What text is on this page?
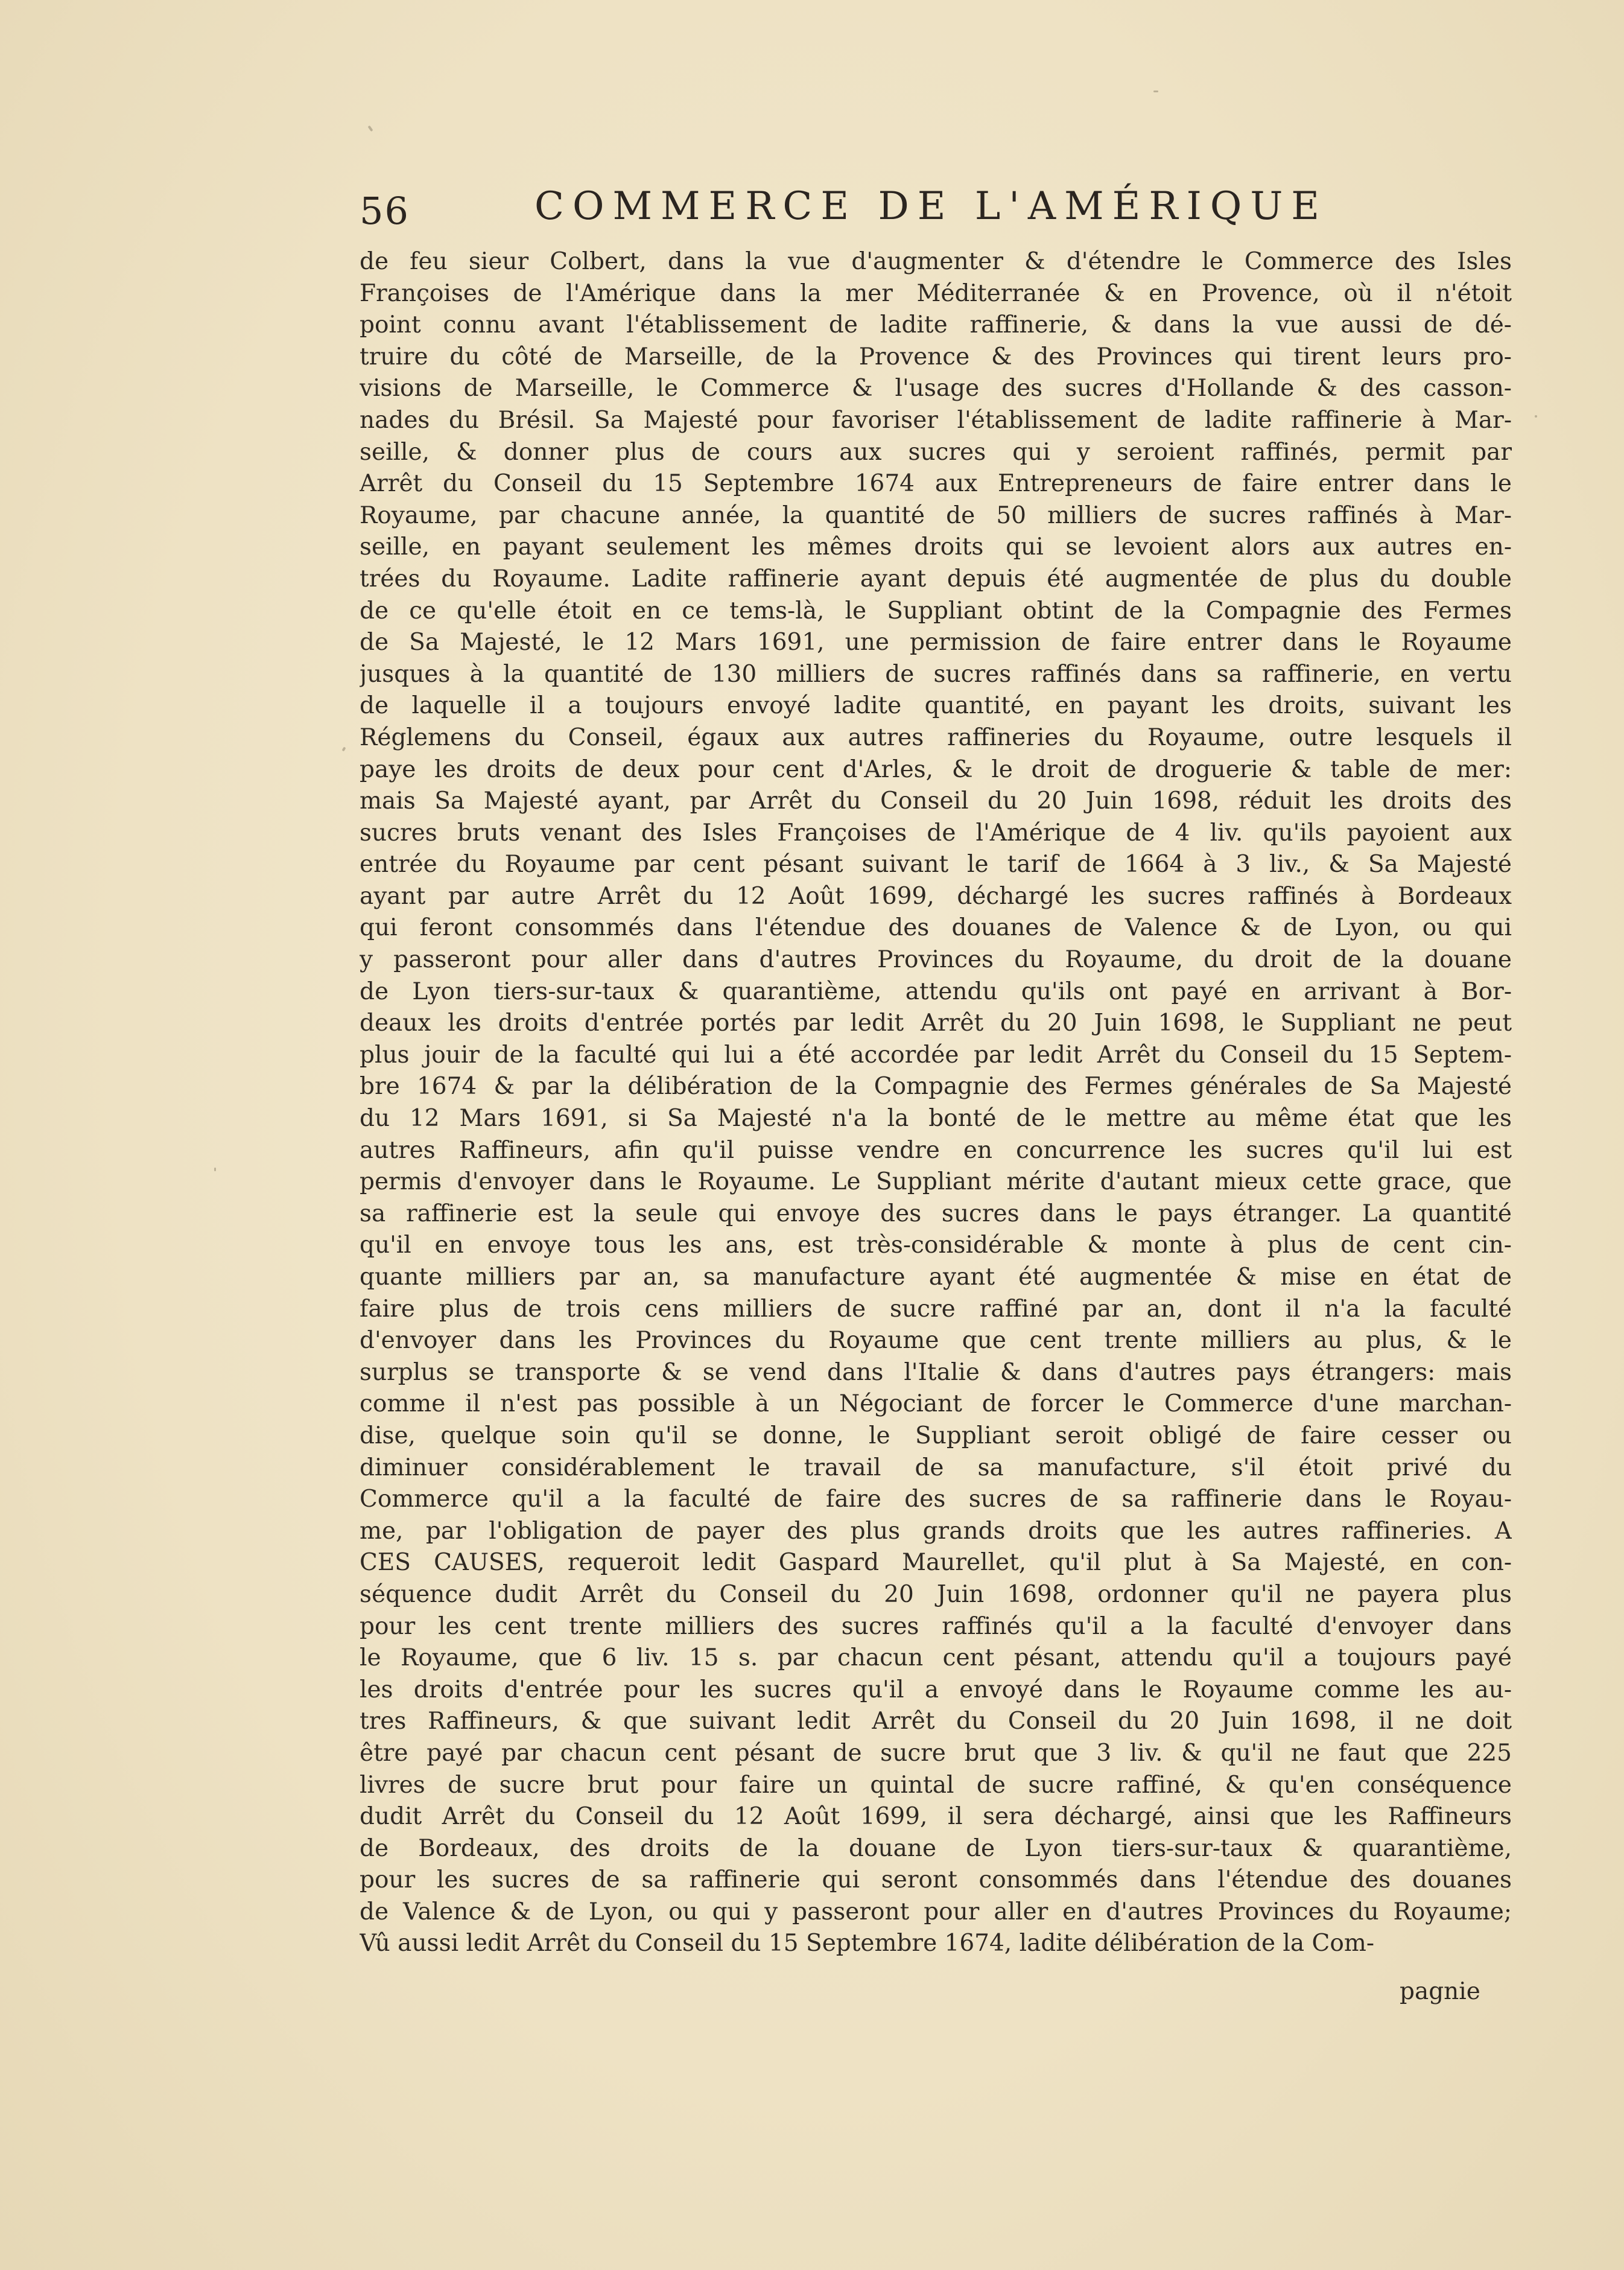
56	COMMERCE DE L'AMÉRIQUE
de feu sieur Colbert, dans la vue d'augmenter & d'étendre le Commerce des Isles
Françoises de l'Amérique dans la mer Méditerranée & en Provence, où il n'étoit
point connu avant l'établissement de ladite raffinerie, & dans la vue aussi de dé-
truire du côté de Marseille, de la Provence & des Provinces qui tirent leurs pro-
visions de Marseille, le Commerce & l'usage des sucres d'Hollande & des casson-
nades du Brésil. Sa Majesté pour favoriser l'établissement de ladite raffinerie à Mar-
seille, & donner plus de cours aux sucres qui y seroient raffinés, permit par
Arrêt du Conseil du 15 Septembre 1674 aux Entrepreneurs de faire entrer dans le
Royaume, par chacune année, la quantité de 50 milliers de sucres raffinés à Mar-
seille, en payant seulement les mêmes droits qui se levoient alors aux autres en-
trées du Royaume. Ladite raffinerie ayant depuis été augmentée de plus du double
de ce qu'elle étoit en ce tems-là, le Suppliant obtint de la Compagnie des Fermes
de Sa Majesté, le 12 Mars 1691, une permission de faire entrer dans le Royaume
jusques à la quantité de 130 milliers de sucres raffinés dans sa raffinerie, en vertu
de laquelle il a toujours envoyé ladite quantité, en payant les droits, suivant les
Réglemens du Conseil, égaux aux autres raffineries du Royaume, outre lesquels il
paye les droits de deux pour cent d'Arles, & le droit de droguerie & table de mer:
mais Sa Majesté ayant, par Arrêt du Conseil du 20 Juin 1698, réduit les droits des
sucres bruts venant des Isles Françoises de l'Amérique de 4 liv. qu'ils payoient aux
entrée du Royaume par cent pésant suivant le tarif de 1664 à 3 liv., & Sa Majesté
ayant par autre Arrêt du 12 Août 1699, déchargé les sucres raffinés à Bordeaux
qui feront consommés dans l'étendue des douanes de Valence & de Lyon, ou qui
y passeront pour aller dans d'autres Provinces du Royaume, du droit de la douane
de Lyon tiers-sur-taux & quarantième, attendu qu'ils ont payé en arrivant à Bor-
deaux les droits d'entrée portés par ledit Arrêt du 20 Juin 1698, le Suppliant ne peut
plus jouir de la faculté qui lui a été accordée par ledit Arrêt du Conseil du 15 Septem-
bre 1674 & par la délibération de la Compagnie des Fermes générales de Sa Majesté
du 12 Mars 1691, si Sa Majesté n'a la bonté de le mettre au même état que les
autres Raffineurs, afin qu'il puisse vendre en concurrence les sucres qu'il lui est
permis d'envoyer dans le Royaume. Le Suppliant mérite d'autant mieux cette grace, que
sa raffinerie est la seule qui envoye des sucres dans le pays étranger. La quantité
qu'il en envoye tous les ans, est très-considérable & monte à plus de cent cin-
quante milliers par an, sa manufacture ayant été augmentée & mise en état de
faire plus de trois cens milliers de sucre raffiné par an, dont il n'a la faculté
d'envoyer dans les Provinces du Royaume que cent trente milliers au plus, & le
surplus se transporte & se vend dans l'Italie & dans d'autres pays étrangers: mais
comme il n'est pas possible à un Négociant de forcer le Commerce d'une marchan-
dise, quelque soin qu'il se donne, le Suppliant seroit obligé de faire cesser ou
diminuer considérablement le travail de sa manufacture, s'il étoit privé du
Commerce qu'il a la faculté de faire des sucres de sa raffinerie dans le Royau-
me, par l'obligation de payer des plus grands droits que les autres raffineries. A
CES CAUSES, requeroit ledit Gaspard Maurellet, qu'il plut à Sa Majesté, en con-
séquence dudit Arrêt du Conseil du 20 Juin 1698, ordonner qu'il ne payera plus
pour les cent trente milliers des sucres raffinés qu'il a la faculté d'envoyer dans
le Royaume, que 6 liv. 15 s. par chacun cent pésant, attendu qu'il a toujours payé
les droits d'entrée pour les sucres qu'il a envoyé dans le Royaume comme les au-
tres Raffineurs, & que suivant ledit Arrêt du Conseil du 20 Juin 1698, il ne doit
être payé par chacun cent pésant de sucre brut que 3 liv. & qu'il ne faut que 225
livres de sucre brut pour faire un quintal de sucre raffiné, & qu'en conséquence
dudit Arrêt du Conseil du 12 Août 1699, il sera déchargé, ainsi que les Raffineurs
de Bordeaux, des droits de la douane de Lyon tiers-sur-taux & quarantième,
pour les sucres de sa raffinerie qui seront consommés dans l'étendue des douanes
de Valence & de Lyon, ou qui y passeront pour aller en d'autres Provinces du Royaume;
Vû aussi ledit Arrêt du Conseil du 15 Septembre 1674, ladite délibération de la Com-
pagnie
